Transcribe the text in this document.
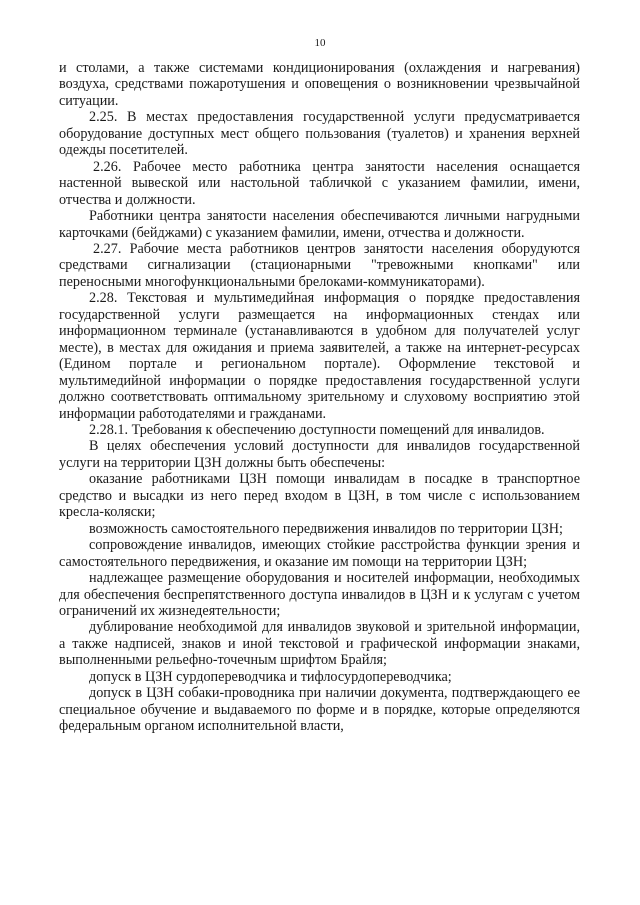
10

и столами, а также системами кондиционирования (охлаждения и нагревания) воздуха, средствами пожаротушения и оповещения о возникновении чрезвычайной ситуации.

2.25. В местах предоставления государственной услуги предусматривается оборудование доступных мест общего пользования (туалетов) и хранения верхней одежды посетителей.

2.26. Рабочее место работника центра занятости населения оснащается настенной вывеской или настольной табличкой с указанием фамилии, имени, отчества и должности.

Работники центра занятости населения обеспечиваются личными нагрудными карточками (бейджами) с указанием фамилии, имени, отчества и должности.

2.27. Рабочие места работников центров занятости населения оборудуются средствами сигнализации (стационарными "тревожными кнопками" или переносными многофункциональными брелоками-коммуникаторами).

2.28. Текстовая и мультимедийная информация о порядке предоставления государственной услуги размещается на информационных стендах или информационном терминале (устанавливаются в удобном для получателей услуг месте), в местах для ожидания и приема заявителей, а также на интернет-ресурсах (Едином портале и региональном портале). Оформление текстовой и мультимедийной информации о порядке предоставления государственной услуги должно соответствовать оптимальному зрительному и слуховому восприятию этой информации работодателями и гражданами.

2.28.1. Требования к обеспечению доступности помещений для инвалидов.

В целях обеспечения условий доступности для инвалидов государственной услуги на территории ЦЗН должны быть обеспечены:

оказание работниками ЦЗН помощи инвалидам в посадке в транспортное средство и высадки из него перед входом в ЦЗН, в том числе с использованием кресла-коляски;

возможность самостоятельного передвижения инвалидов по территории ЦЗН;

сопровождение инвалидов, имеющих стойкие расстройства функции зрения и самостоятельного передвижения, и оказание им помощи на территории ЦЗН;

надлежащее размещение оборудования и носителей информации, необходимых для обеспечения беспрепятственного доступа инвалидов в ЦЗН и к услугам с учетом ограничений их жизнедеятельности;

дублирование необходимой для инвалидов звуковой и зрительной информации, а также надписей, знаков и иной текстовой и графической информации знаками, выполненными рельефно-точечным шрифтом Брайля;

допуск в ЦЗН сурдопереводчика и тифлосурдопереводчика;

допуск в ЦЗН собаки-проводника при наличии документа, подтверждающего ее специальное обучение и выдаваемого по форме и в порядке, которые определяются федеральным органом исполнительной власти,
